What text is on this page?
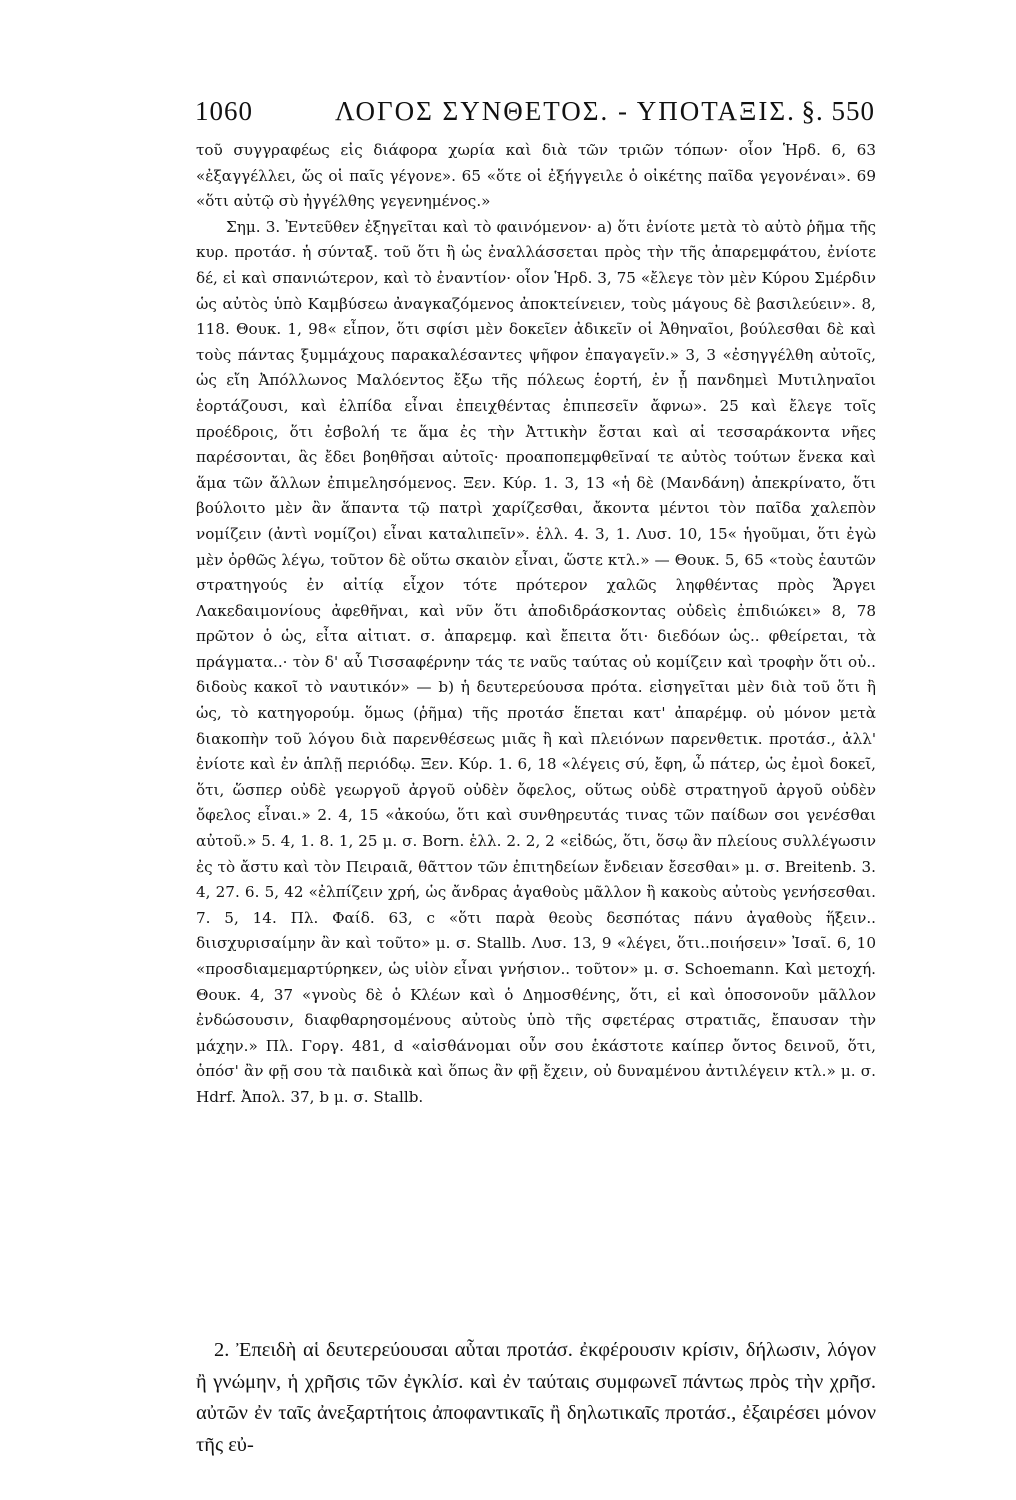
1060	ΛΟΓΟΣ ΣΥΝΘΕΤΟΣ. - ΥΠΟΤΑΞΙΣ. §. 550

τοῦ συγγραφέως εἰς διάφορα χωρία καὶ διὰ τῶν τριῶν τόπων· οἷον Ἡρδ. 6, 63 «ἐξαγγέλλει, ὥς οἱ παῖς γέγονε». 65 «ὅτε οἱ ἐξήγγειλε ὁ οἰκέτης παῖδα γεγονέναι». 69 «ὅτι αὐτῷ σὺ ἠγγέλθης γεγενημένος.»

Σημ. 3. Ἐντεῦθεν ἐξηγεῖται καὶ τὸ φαινόμενον· a) ὅτι ἐνίοτε μετὰ τὸ αὐτὸ ῥῆμα τῆς κυρ. προτάσ. ἡ σύνταξ. τοῦ ὅτι ἢ ὡς ἐναλλάσσεται πρὸς τὴν τῆς ἀπαρεμφάτου, ἐνίοτε δέ, εἰ καὶ σπανιώτερον, καὶ τὸ ἐναντίον· οἷον Ἡρδ. 3, 75 «ἔλεγε τὸν μὲν Κύρου Σμέρδιν ὡς αὐτὸς ὑπὸ Καμβύσεω ἀναγκαζόμενος ἀποκτείνειεν, τοὺς μάγους δὲ βασιλεύειν». 8, 118. Θουκ. 1, 98« εἶπον, ὅτι σφίσι μὲν δοκεῖεν ἀδικεῖν οἱ Ἀθηναῖοι, βούλεσθαι δὲ καὶ τοὺς πάντας ξυμμάχους παρακαλέσαντες ψῆφον ἐπαγαγεῖν.» 3, 3 «ἐσηγγέλθη αὐτοῖς, ὡς εἴη Ἀπόλλωνος Μαλόεντος ἔξω τῆς πόλεως ἑορτή, ἐν ᾗ πανδημεὶ Μυτιληναῖοι ἑορτάζουσι, καὶ ἐλπίδα εἶναι ἐπειχθέντας ἐπιπεσεῖν ἄφνω». 25 καὶ ἔλεγε τοῖς προέδροις, ὅτι ἐσβολή τε ἅμα ἐς τὴν Ἀττικὴν ἔσται καὶ αἱ τεσσαράκοντα νῆες παρέσονται, ἃς ἔδει βοηθῆσαι αὐτοῖς· προαποπεμφθεῖναί τε αὐτὸς τούτων ἕνεκα καὶ ἅμα τῶν ἄλλων ἐπιμελησόμενος. Ξεν. Κύρ. 1. 3, 13 «ἡ δὲ (Μανδάνη) ἀπεκρίνατο, ὅτι βούλοιτο μὲν ἂν ἅπαντα τῷ πατρὶ χαρίζεσθαι, ἄκοντα μέντοι τὸν παῖδα χαλεπὸν νομίζειν (ἀντὶ νομίζοι) εἶναι καταλιπεῖν». ἑλλ. 4. 3, 1. Λυσ. 10, 15« ἡγοῦμαι, ὅτι ἐγὼ μὲν ὀρθῶς λέγω, τοῦτον δὲ οὕτω σκαιὸν εἶναι, ὥστε κτλ.» — Θουκ. 5, 65 «τοὺς ἑαυτῶν στρατηγούς ἐν αἰτίᾳ εἶχον τότε πρότερον χαλῶς ληφθέντας πρὸς Ἄργει Λακεδαιμονίους ἀφεθῆναι, καὶ νῦν ὅτι ἀποδιδράσκοντας οὐδεὶς ἐπιδιώκει» 8, 78 πρῶτον ὁ ὡς, εἶτα αἰτιατ. σ. ἀπαρεμφ. καὶ ἔπειτα ὅτι· διεδόων ὡς.. φθείρεται, τὰ πράγματα..· τὸν δ' αὖ Τισσαφέρνην τάς τε ναῦς ταύτας οὐ κομίζειν καὶ τροφὴν ὅτι οὐ.. διδοὺς κακοῖ τὸ ναυτικόν» — b) ἡ δευτερεύουσα πρότα. εἰσηγεῖται μὲν διὰ τοῦ ὅτι ἢ ὡς, τὸ κατηγορούμ. ὅμως (ῥῆμα) τῆς προτάσ ἕπεται κατ' ἀπαρέμφ. οὐ μόνον μετὰ διακοπὴν τοῦ λόγου διὰ παρενθέσεως μιᾶς ἢ καὶ πλειόνων παρενθετικ. προτάσ., ἀλλ' ἐνίοτε καὶ ἐν ἁπλῇ περιόδῳ. Ξεν. Κύρ. 1. 6, 18 «λέγεις σύ, ἔφη, ὦ πάτερ, ὡς ἐμοὶ δοκεῖ, ὅτι, ὥσπερ οὐδὲ γεωργοῦ ἀργοῦ οὐδὲν ὄφελος, οὕτως οὐδὲ στρατηγοῦ ἀργοῦ οὐδὲν ὄφελος εἶναι.» 2. 4, 15 «ἀκούω, ὅτι καὶ συνθηρευτάς τινας τῶν παίδων σοι γενέσθαι αὐτοῦ.» 5. 4, 1. 8. 1, 25 μ. σ. Born. ἑλλ. 2. 2, 2 «εἰδώς, ὅτι, ὅσῳ ἂν πλείους συλλέγωσιν ἐς τὸ ἄστυ καὶ τὸν Πειραιᾶ, θᾶττον τῶν ἐπιτηδείων ἔνδειαν ἔσεσθαι» μ. σ. Breitenb. 3. 4, 27. 6. 5, 42 «ἐλπίζειν χρή, ὡς ἄνδρας ἀγαθοὺς μᾶλλον ἢ κακοὺς αὐτοὺς γενήσεσθαι. 7. 5, 14. Πλ. Φαίδ. 63, c «ὅτι παρὰ θεοὺς δεσπότας πάνυ ἀγαθοὺς ἥξειν.. διισχυρισαίμην ἂν καὶ τοῦτο» μ. σ. Stallb. Λυσ. 13, 9 «λέγει, ὅτι..ποιήσειν» Ἰσαῖ. 6, 10 «προσδιαμεμαρτύρηκεν, ὡς υἱὸν εἶναι γνήσιον.. τοῦτον» μ. σ. Schoemann. Καὶ μετοχή. Θουκ. 4, 37 «γνοὺς δὲ ὁ Κλέων καὶ ὁ Δημοσθένης, ὅτι, εἰ καὶ ὁποσονοῦν μᾶλλον ἐνδώσουσιν, διαφθαρησομένους αὐτοὺς ὑπὸ τῆς σφετέρας στρατιᾶς, ἔπαυσαν τὴν μάχην.» Πλ. Γοργ. 481, d «αἰσθάνομαι οὖν σου ἑκάστοτε καίπερ ὄντος δεινοῦ, ὅτι, ὁπόσ' ἂν φῇ σου τὰ παιδικὰ καὶ ὅπως ἂν φῇ ἔχειν, οὐ δυναμένου ἀντιλέγειν κτλ.» μ. σ. Hdrf. Ἀπολ. 37, b μ. σ. Stallb.

2. Ἐπειδὴ αἱ δευτερεύουσαι αὗται προτάσ. ἐκφέρουσιν κρίσιν, δήλωσιν, λόγον ἢ γνώμην, ἡ χρῆσις τῶν ἐγκλίσ. καὶ ἐν ταύταις συμφωνεῖ πάντως πρὸς τὴν χρῆσ. αὐτῶν ἐν ταῖς ἀνεξαρτήτοις ἀποφαντικαῖς ἢ δηλωτικαῖς προτάσ., ἐξαιρέσει μόνον τῆς εὐ-
